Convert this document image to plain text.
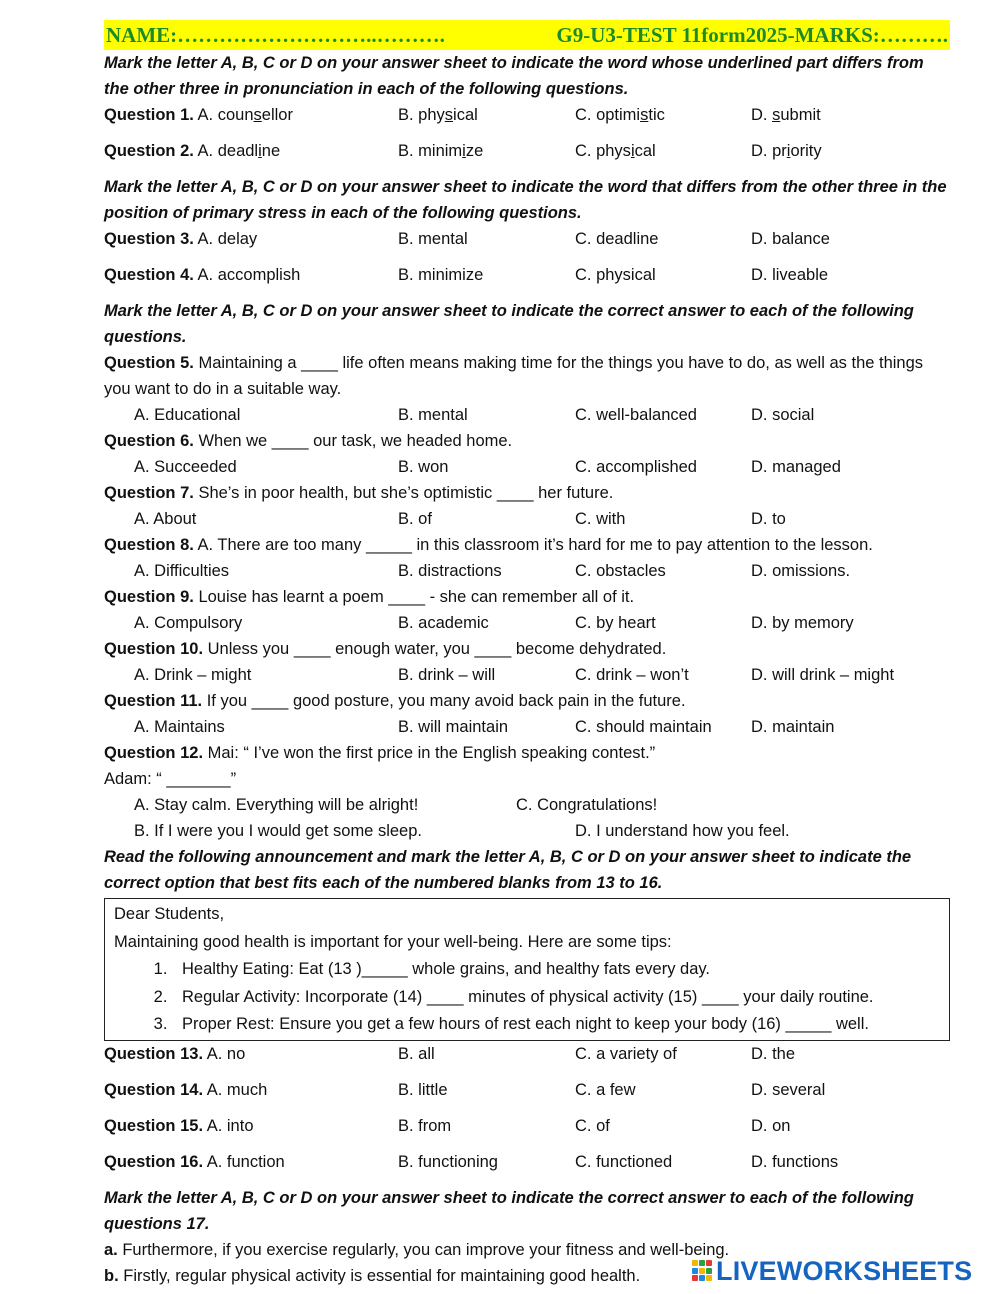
NAME:………………………..……….	G9-U3-TEST 11form2025-MARKS:……….
Mark the letter A, B, C or D on your answer sheet to indicate the word whose underlined part differs from the other three in pronunciation in each of the following questions.
Question 1. A. counsellor	B. physical	C. optimistic	D. submit
Question 2. A. deadline	B. minimize	C. physical	D. priority
Mark the letter A, B, C or D on your answer sheet to indicate the word that differs from the other three in the position of primary stress in each of the following questions.
Question 3. A. delay	B. mental	C. deadline	D. balance
Question 4. A. accomplish	B. minimize	C. physical	D. liveable
Mark the letter A, B, C or D on your answer sheet to indicate the correct answer to each of the following questions.
Question 5. Maintaining a ____ life often means making time for the things you have to do, as well as the things you want to do in a suitable way.
A. Educational	B. mental	C. well-balanced	D. social
Question 6. When we ____ our task, we headed home.
A. Succeeded	B. won	C. accomplished	D. managed
Question 7. She’s in poor health, but she’s optimistic ____ her future.
A. About	B. of	C. with	D. to
Question 8. A. There are too many _____ in this classroom it’s hard for me to pay attention to the lesson.
A. Difficulties	B. distractions	C. obstacles	D. omissions.
Question 9. Louise has learnt a poem ____ - she can remember all of it.
A. Compulsory	B. academic	C. by heart	D. by memory
Question 10. Unless you ____ enough water, you ____ become dehydrated.
A. Drink – might	B. drink – will	C. drink – won’t	D. will drink – might
Question 11. If you ____ good posture, you many avoid back pain in the future.
A. Maintains	B. will maintain	C. should maintain D. maintain
Question 12. Mai: “ I’ve won the first price in the English speaking contest.”
Adam: “ _______”
A. Stay calm. Everything will be alright!	C. Congratulations!
B. If I were you I would get some sleep.	D. I understand how you feel.
Read the following announcement and mark the letter A, B, C or D on your answer sheet to indicate the correct option that best fits each of the numbered blanks from 13 to 16.
Dear Students,
Maintaining good health is important for your well-being. Here are some tips:
1. Healthy Eating: Eat (13 )_____ whole grains, and healthy fats every day.
2. Regular Activity: Incorporate (14) ____ minutes of physical activity (15) ____ your daily routine.
3. Proper Rest: Ensure you get a few hours of rest each night to keep your body (16) _____ well.
Question 13. A. no	B. all	C. a variety of	D. the
Question 14. A. much	B. little	C. a few	D. several
Question 15. A. into	B. from	C. of	D. on
Question 16. A. function	B. functioning	C. functioned	D. functions
Mark the letter A, B, C or D on your answer sheet to indicate the correct answer to each of the following questions 17.
a. Furthermore, if you exercise regularly, you can improve your fitness and well-being.
b. Firstly, regular physical activity is essential for maintaining good health.	LIVEWORKSHEETS
